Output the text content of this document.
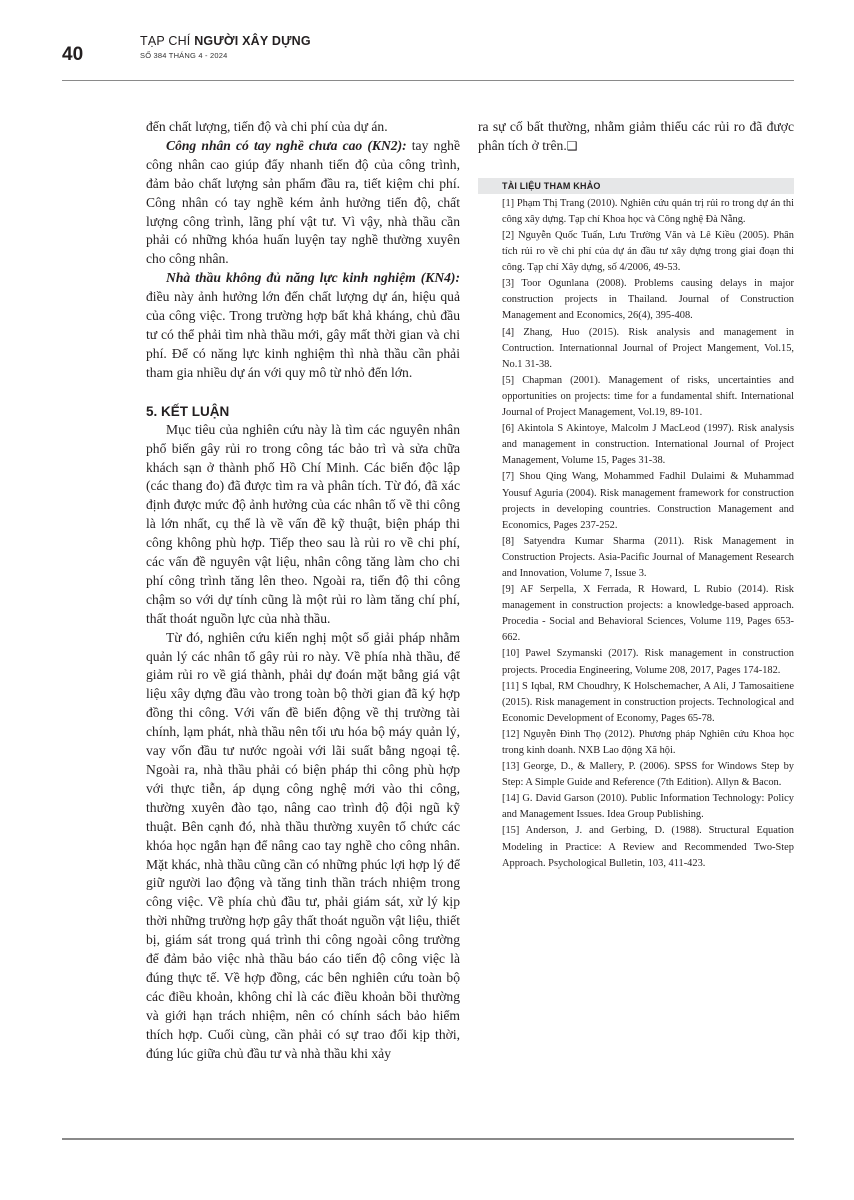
40
TẠP CHÍ NGƯỜI XÂY DỰNG
SỐ 384 THÁNG 4 - 2024

đến chất lượng, tiến độ và chi phí của dự án.

Công nhân có tay nghề chưa cao (KN2): tay nghề công nhân cao giúp đẩy nhanh tiến độ của công trình, đảm bảo chất lượng sản phẩm đầu ra, tiết kiệm chi phí. Công nhân có tay nghề kém ảnh hưởng tiến độ, chất lượng công trình, lãng phí vật tư. Vì vậy, nhà thầu cần phải có những khóa huấn luyện tay nghề thường xuyên cho công nhân.

Nhà thầu không đủ năng lực kinh nghiệm (KN4): điều này ảnh hưởng lớn đến chất lượng dự án, hiệu quả của công việc. Trong trường hợp bất khả kháng, chủ đầu tư có thể phải tìm nhà thầu mới, gây mất thời gian và chi phí. Để có năng lực kinh nghiệm thì nhà thầu cần phải tham gia nhiều dự án với quy mô từ nhỏ đến lớn.

5. KẾT LUẬN

Mục tiêu của nghiên cứu này là tìm các nguyên nhân phổ biến gây rủi ro trong công tác bảo trì và sửa chữa khách sạn ở thành phố Hồ Chí Minh. Các biến độc lập (các thang đo) đã được tìm ra và phân tích. Từ đó, đã xác định được mức độ ảnh hưởng của các nhân tố về thi công là lớn nhất, cụ thể là về vấn đề kỹ thuật, biện pháp thi công không phù hợp. Tiếp theo sau là rủi ro về chi phí, các vấn đề nguyên vật liệu, nhân công tăng làm cho chi phí công trình tăng lên theo. Ngoài ra, tiến độ thi công chậm so với dự tính cũng là một rủi ro làm tăng chí phí, thất thoát nguồn lực của nhà thầu.

Từ đó, nghiên cứu kiến nghị một số giải pháp nhằm quản lý các nhân tố gây rủi ro này. Về phía nhà thầu, để giảm rủi ro về giá thành, phải dự đoán mặt bằng giá vật liệu xây dựng đầu vào trong toàn bộ thời gian đã ký hợp đồng thi công. Với vấn đề biến động về thị trường tài chính, lạm phát, nhà thầu nên tối ưu hóa bộ máy quản lý, vay vốn đầu tư nước ngoài với lãi suất bằng ngoại tệ. Ngoài ra, nhà thầu phải có biện pháp thi công phù hợp với thực tiễn, áp dụng công nghệ mới vào thi công, thường xuyên đào tạo, nâng cao trình độ đội ngũ kỹ thuật. Bên cạnh đó, nhà thầu thường xuyên tổ chức các khóa học ngắn hạn để nâng cao tay nghề cho công nhân. Mặt khác, nhà thầu cũng cần có những phúc lợi hợp lý để giữ người lao động và tăng tinh thần trách nhiệm trong công việc. Về phía chủ đầu tư, phải giám sát, xử lý kịp thời những trường hợp gây thất thoát nguồn vật liệu, thiết bị, giám sát trong quá trình thi công ngoài công trường để đảm bảo việc nhà thầu báo cáo tiến độ công việc là đúng thực tế. Về hợp đồng, các bên nghiên cứu toàn bộ các điều khoản, không chỉ là các điều khoản bồi thường và giới hạn trách nhiệm, nên có chính sách bảo hiểm thích hợp. Cuối cùng, cần phải có sự trao đổi kịp thời, đúng lúc giữa chủ đầu tư và nhà thầu khi xảy

ra sự cố bất thường, nhằm giảm thiểu các rủi ro đã được phân tích ở trên.❑

TÀI LIỆU THAM KHẢO

[1] Phạm Thị Trang (2010). Nghiên cứu quản trị rủi ro trong dự án thi công xây dựng. Tạp chí Khoa học và Công nghệ Đà Nẵng.

[2] Nguyễn Quốc Tuấn, Lưu Trường Văn và Lê Kiều (2005). Phân tích rủi ro về chi phí của dự án đầu tư xây dựng trong giai đoạn thi công. Tạp chí Xây dựng, số 4/2006, 49-53.

[3] Toor Ogunlana (2008). Problems causing delays in major construction projects in Thailand. Journal of Construction Management and Economics, 26(4), 395-408.

[4] Zhang, Huo (2015). Risk analysis and management in Contruction. Internationnal Journal of Project Mangement, Vol.15, No.1 31-38.

[5] Chapman (2001). Management of risks, uncertainties and opportunities on projects: time for a fundamental shift. International Journal of Project Management, Vol.19, 89-101.

[6] Akintola S Akintoye, Malcolm J MacLeod (1997). Risk analysis and management in construction. International Journal of Project Management, Volume 15, Pages 31-38.

[7] Shou Qing Wang, Mohammed Fadhil Dulaimi & Muhammad Yousuf Aguria (2004). Risk management framework for construction projects in developing countries. Construction Management and Economics, Pages 237-252.

[8] Satyendra Kumar Sharma (2011). Risk Management in Construction Projects. Asia-Pacific Journal of Management Research and Innovation, Volume 7, Issue 3.

[9] AF Serpella, X Ferrada, R Howard, L Rubio (2014). Risk management in construction projects: a knowledge-based approach. Procedia - Social and Behavioral Sciences, Volume 119, Pages 653-662.

[10] Pawel Szymanski (2017). Risk management in construction projects. Procedia Engineering, Volume 208, 2017, Pages 174-182.

[11] S Iqbal, RM Choudhry, K Holschemacher, A Ali, J Tamosaitiene (2015). Risk management in construction projects. Technological and Economic Development of Economy, Pages 65-78.

[12] Nguyễn Đình Thọ (2012). Phương pháp Nghiên cứu Khoa học trong kinh doanh. NXB Lao động Xã hội.

[13] George, D., & Mallery, P. (2006). SPSS for Windows Step by Step: A Simple Guide and Reference (7th Edition). Allyn & Bacon.

[14] G. David Garson (2010). Public Information Technology: Policy and Management Issues. Idea Group Publishing.

[15] Anderson, J. and Gerbing, D. (1988). Structural Equation Modeling in Practice: A Review and Recommended Two-Step Approach. Psychological Bulletin, 103, 411-423.
